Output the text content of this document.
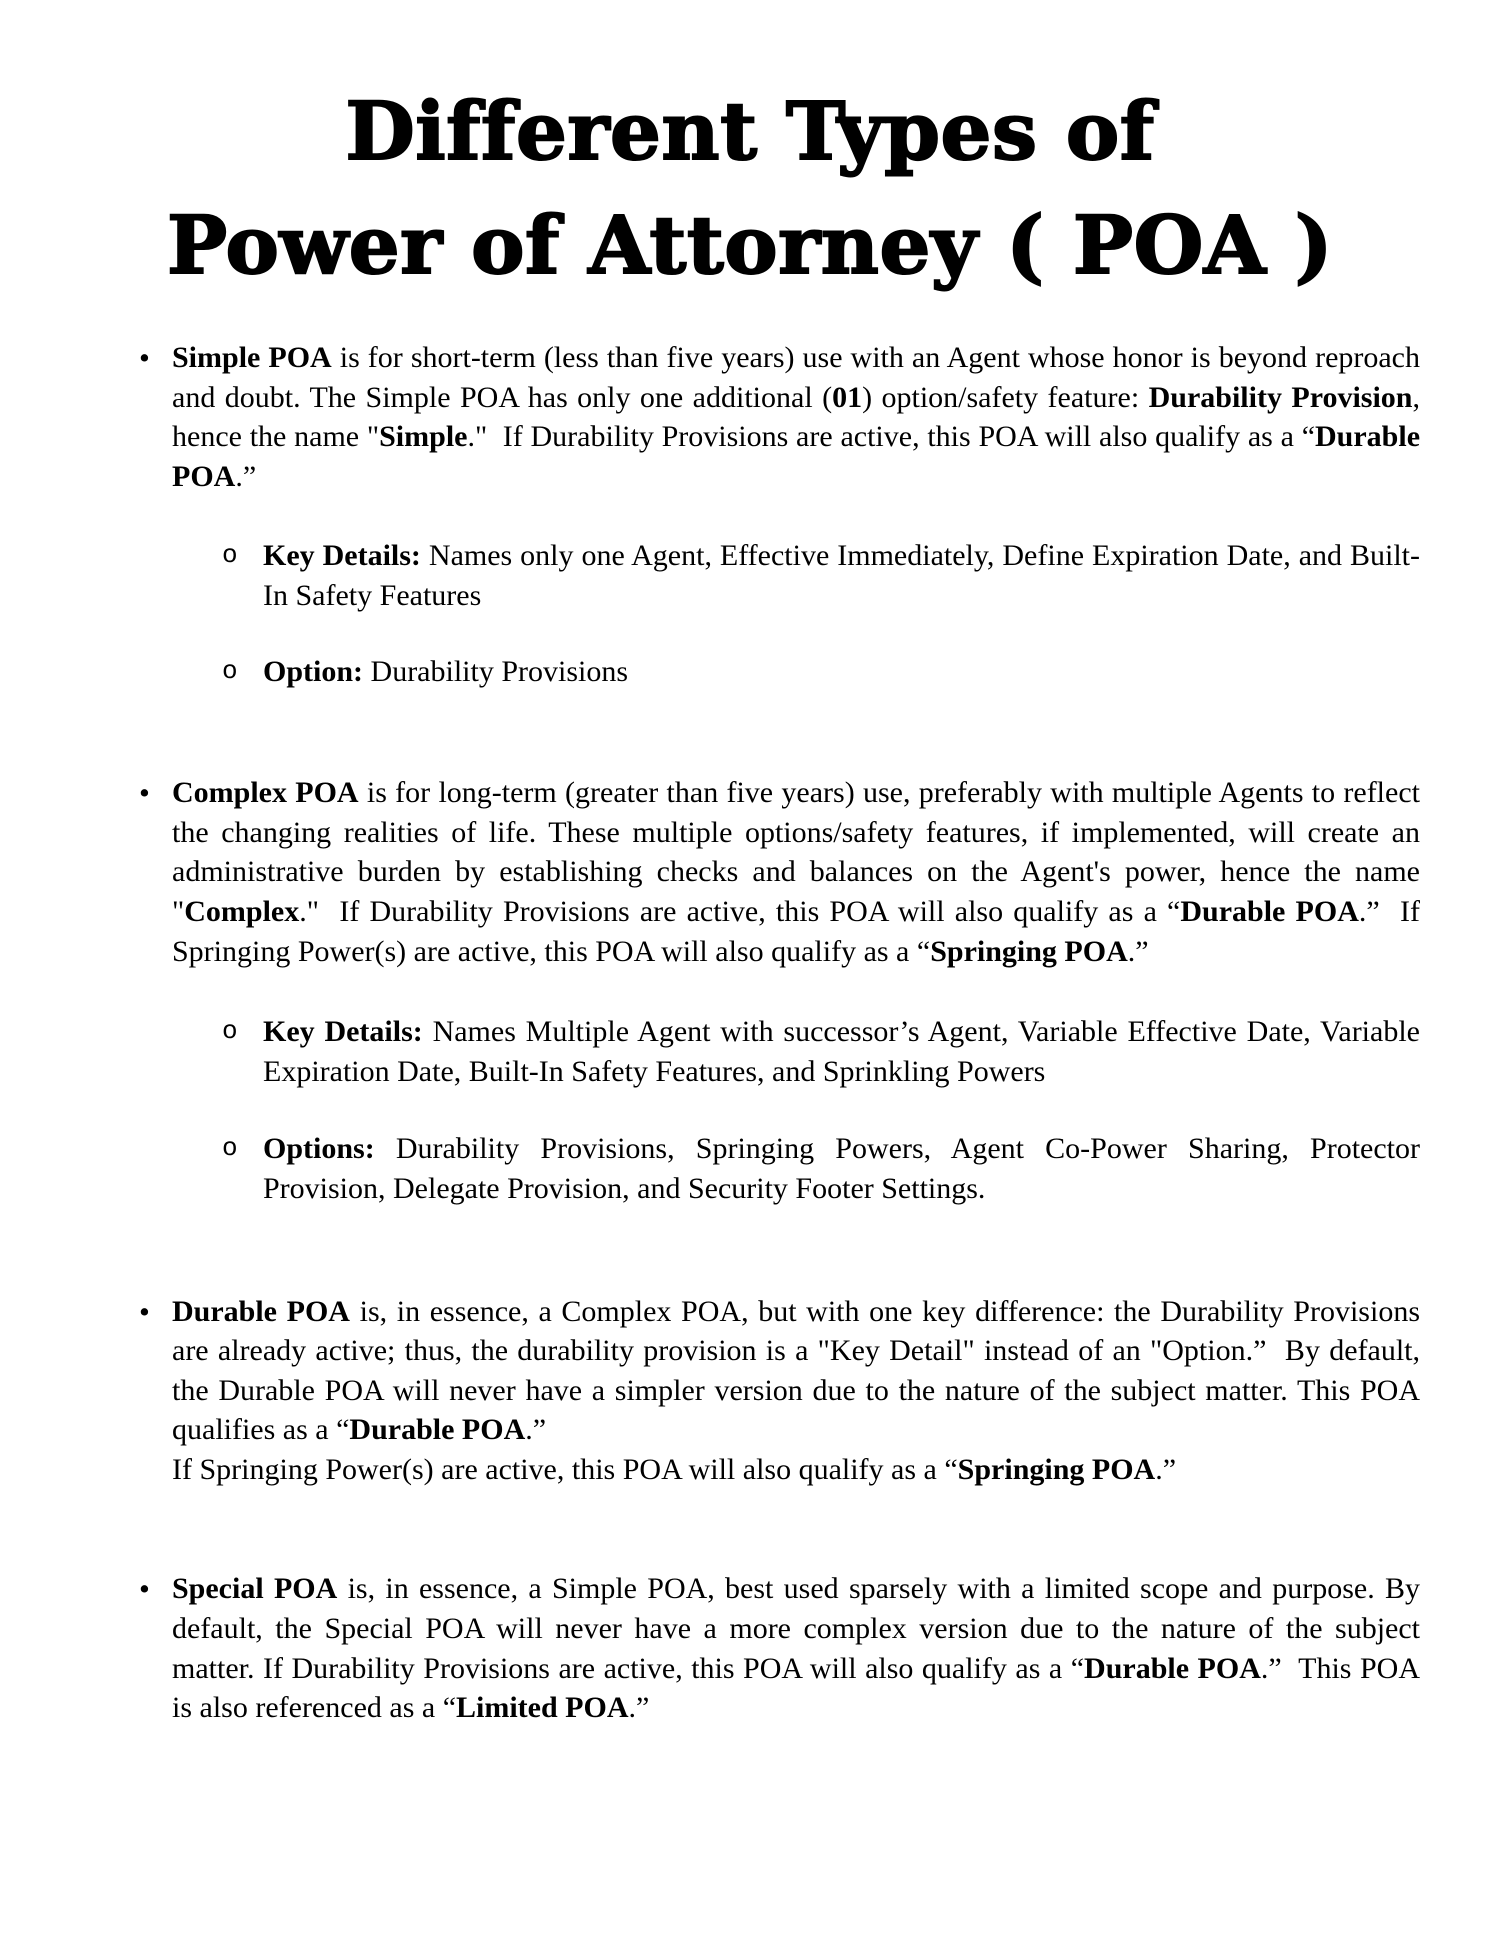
Different Types of
Power of Attorney ( POA )
• Simple POA is for short-term (less than five years) use with an Agent whose honor is beyond reproach and doubt. The Simple POA has only one additional (01) option/safety feature: Durability Provision, hence the name "Simple."  If Durability Provisions are active, this POA will also qualify as a “Durable POA.”
o Key Details: Names only one Agent, Effective Immediately, Define Expiration Date, and Built-In Safety Features
o Option: Durability Provisions
• Complex POA is for long-term (greater than five years) use, preferably with multiple Agents to reflect the changing realities of life. These multiple options/safety features, if implemented, will create an administrative burden by establishing checks and balances on the Agent's power, hence the name "Complex."  If Durability Provisions are active, this POA will also qualify as a “Durable POA.”  If Springing Power(s) are active, this POA will also qualify as a “Springing POA.”
o Key Details: Names Multiple Agent with successor’s Agent, Variable Effective Date, Variable Expiration Date, Built-In Safety Features, and Sprinkling Powers
o Options: Durability Provisions, Springing Powers, Agent Co-Power Sharing, Protector Provision, Delegate Provision, and Security Footer Settings.
• Durable POA is, in essence, a Complex POA, but with one key difference: the Durability Provisions are already active; thus, the durability provision is a "Key Detail" instead of an "Option.”  By default, the Durable POA will never have a simpler version due to the nature of the subject matter. This POA qualifies as a “Durable POA.”
If Springing Power(s) are active, this POA will also qualify as a “Springing POA.”
• Special POA is, in essence, a Simple POA, best used sparsely with a limited scope and purpose. By default, the Special POA will never have a more complex version due to the nature of the subject matter. If Durability Provisions are active, this POA will also qualify as a “Durable POA.”  This POA is also referenced as a “Limited POA.”
